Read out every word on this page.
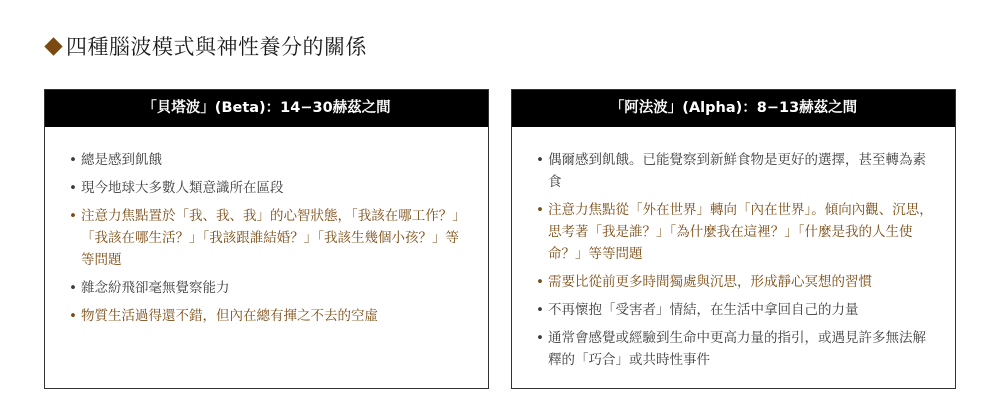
四種腦波模式與神性養分的關係
「貝塔波」(Beta)：14−30赫茲之間
• 總是感到飢餓
• 現今地球大多數人類意識所在區段
• 注意力焦點置於「我、我、我」的心智狀態，「我該在哪工作？」「我該在哪生活？」「我該跟誰結婚？」「我該生幾個小孩？」等等問題
• 雜念紛飛卻毫無覺察能力
• 物質生活過得還不錯，但內在總有揮之不去的空虛
「阿法波」(Alpha)：8−13赫茲之間
• 偶爾感到飢餓。已能覺察到新鮮食物是更好的選擇，甚至轉為素食
• 注意力焦點從「外在世界」轉向「內在世界」。傾向內觀、沉思，思考著「我是誰？」「為什麼我在這裡？」「什麼是我的人生使命？」等等問題
• 需要比從前更多時間獨處與沉思，形成靜心冥想的習慣
• 不再懷抱「受害者」情結，在生活中拿回自己的力量
• 通常會感覺或經驗到生命中更高力量的指引，或遇見許多無法解釋的「巧合」或共時性事件
